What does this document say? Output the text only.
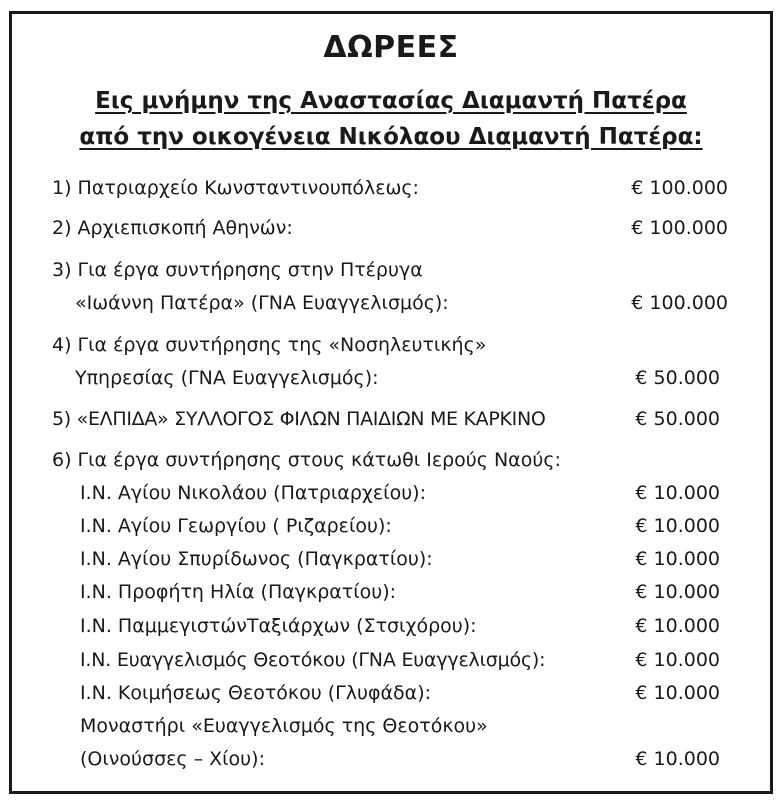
ΔΩΡΕΕΣ
Εις μνήμην της Αναστασίας Διαμαντή Πατέρα
από την οικογένεια Νικόλαου Διαμαντή Πατέρα:
1) Πατριαρχείο Κωνσταντινουπόλεως:	€ 100.000
2) Αρχιεπισκοπή Αθηνών:	€ 100.000
3) Για έργα συντήρησης στην Πτέρυγα
«Ιωάννη Πατέρα» (ΓΝΑ Ευαγγελισμός):	€ 100.000
4) Για έργα συντήρησης της «Νοσηλευτικής»
Υπηρεσίας (ΓΝΑ Ευαγγελισμός):	€ 50.000
5) «ΕΛΠΙΔΑ» ΣΥΛΛΟΓΟΣ ΦΙΛΩΝ ΠΑΙΔΙΩΝ ΜΕ ΚΑΡΚΙΝΟ	€ 50.000
6) Για έργα συντήρησης στους κάτωθι Ιερούς Ναούς:
Ι.Ν. Αγίου Νικολάου (Πατριαρχείου):	€ 10.000
Ι.Ν. Αγίου Γεωργίου ( Ριζαρείου):	€ 10.000
Ι.Ν. Αγίου Σπυρίδωνος (Παγκρατίου):	€ 10.000
Ι.Ν. Προφήτη Ηλία (Παγκρατίου):	€ 10.000
Ι.Ν. ΠαμμεγιστώνΤαξιάρχων (Στσιχόρου):	€ 10.000
Ι.Ν. Ευαγγελισμός Θεοτόκου (ΓΝΑ Ευαγγελισμός):	€ 10.000
Ι.Ν. Κοιμήσεως Θεοτόκου (Γλυφάδα):	€ 10.000
Μοναστήρι «Ευαγγελισμός της Θεοτόκου»
(Οινούσσες – Χίου):	€ 10.000
